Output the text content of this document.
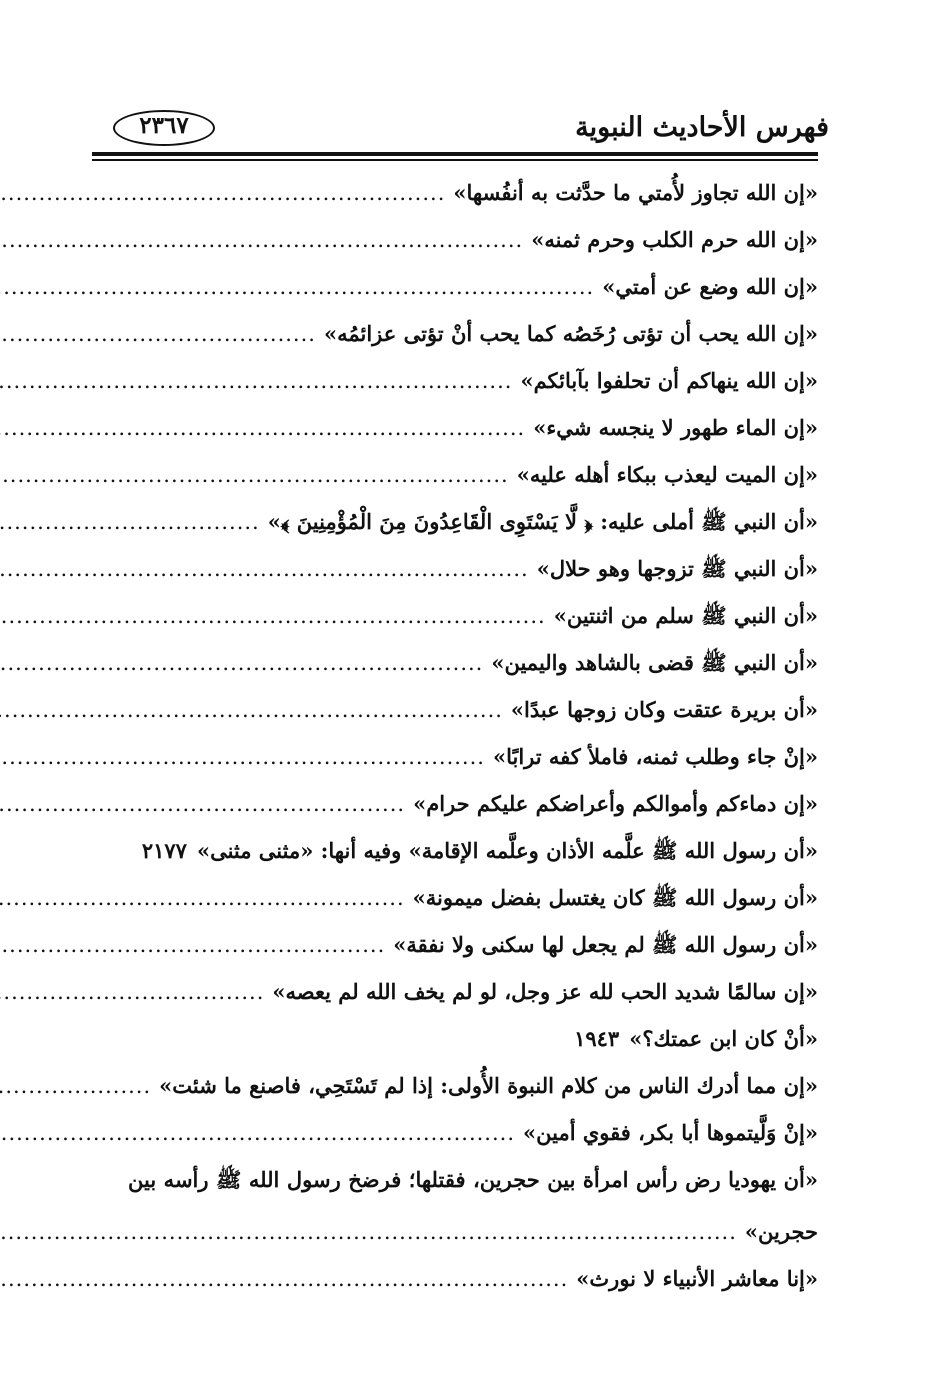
فهرس الأحاديث النبوية
٢٣٦٧
«إن الله تجاوز لأُمتي ما حدَّثت به أنفُسها»
.....
«إن الله حرم الكلب وحرم ثمنه»
.....
«إن الله وضع عن أمتي»
.....
«إن الله يحب أن تؤتى رُخَصُه كما يحب أنْ تؤتى عزائمُه»
.....
«إن الله ينهاكم أن تحلفوا بآبائكم»
.....
«إن الماء طهور لا ينجسه شيء»
.....
«إن الميت ليعذب ببكاء أهله عليه»
.....
«أن النبي ﷺ أملى عليه: ﴿ لَّا يَسْتَوِى الْقَاعِدُونَ مِنَ الْمُؤْمِنِينَ ﴾»
.....
«أن النبي ﷺ تزوجها وهو حلال»
.....
«أن النبي ﷺ سلم من اثنتين»
.....
«أن النبي ﷺ قضى بالشاهد واليمين»
.....
«أن بريرة عتقت وكان زوجها عبدًا»
.....
«إنْ جاء وطلب ثمنه، فاملأ كفه ترابًا»
.....
«إن دماءكم وأموالكم وأعراضكم عليكم حرام»
.....
«أن رسول الله ﷺ علَّمه الأذان وعلَّمه الإقامة» وفيه أنها: «مثنى مثنى»
٢١٧٧
«أن رسول الله ﷺ كان يغتسل بفضل ميمونة»
.....
«أن رسول الله ﷺ لم يجعل لها سكنى ولا نفقة»
.....
«إن سالمًا شديد الحب لله عز وجل، لو لم يخف الله لم يعصه»
.....
«أنْ كان ابن عمتك؟»
١٩٤٣
«إن مما أدرك الناس من كلام النبوة الأُولى: إذا لم تَسْتَحِي، فاصنع ما شئت»
.....
«إنْ وَلَّيتموها أبا بكر، فقوي أمين»
.....
«أن يهوديا رض رأس امرأة بين حجرين، فقتلها؛ فرضخ رسول الله ﷺ رأسه بين
حجرين»
.....
«إنا معاشر الأنبياء لا نورث»
.....
